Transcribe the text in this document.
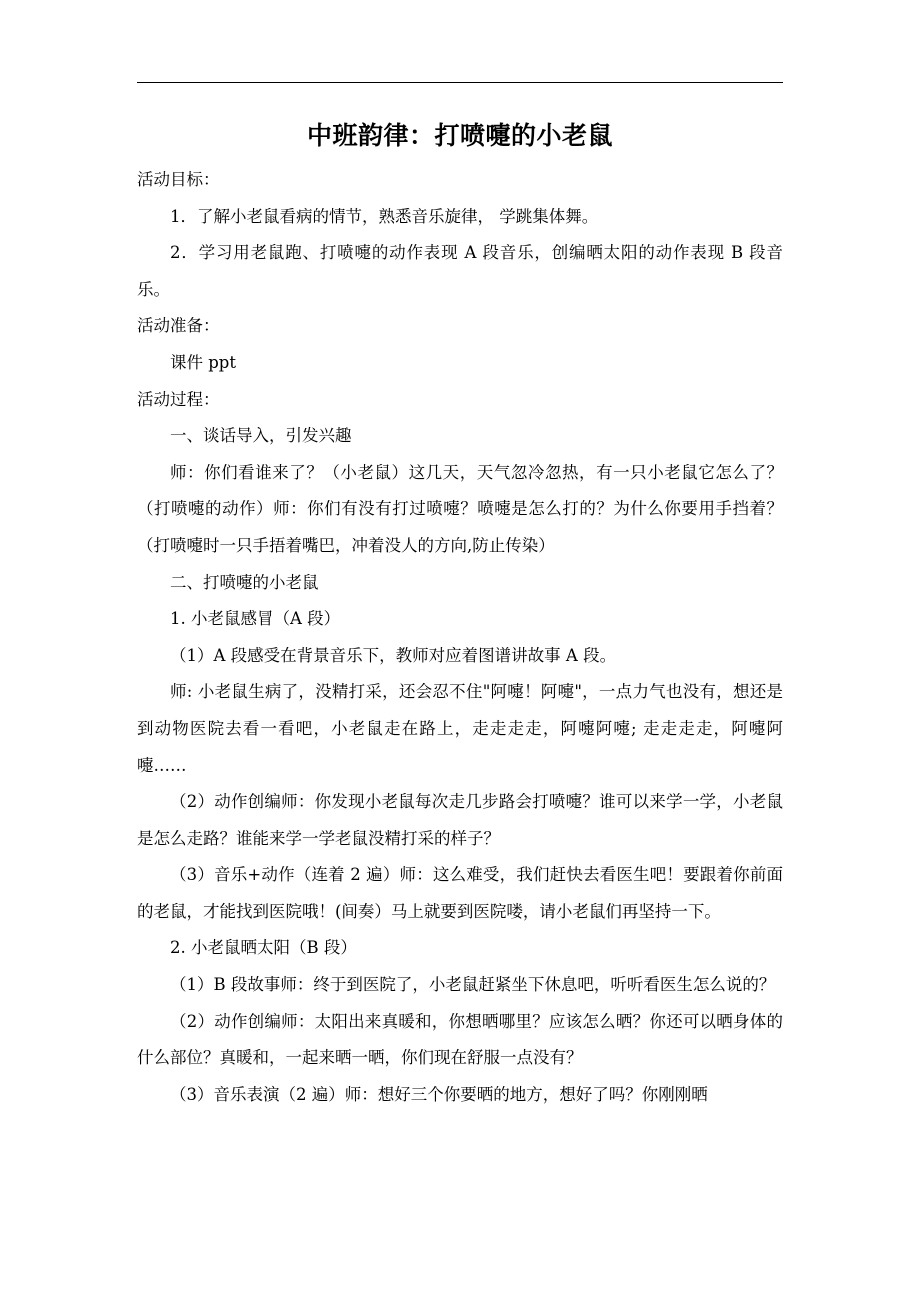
中班韵律：打喷嚏的小老鼠

活动目标：

1．了解小老鼠看病的情节，熟悉音乐旋律， 学跳集体舞。

2．学习用老鼠跑、打喷嚏的动作表现 A 段音乐，创编晒太阳的动作表现 B 段音乐。

活动准备：

课件 ppt

活动过程：

一、谈话导入，引发兴趣

师：你们看谁来了？（小老鼠）这几天，天气忽冷忽热，有一只小老鼠它怎么了？（打喷嚏的动作）师：你们有没有打过喷嚏？喷嚏是怎么打的？为什么你要用手挡着？（打喷嚏时一只手捂着嘴巴，冲着没人的方向,防止传染）

二、打喷嚏的小老鼠

1. 小老鼠感冒（A 段）

（1）A 段感受在背景音乐下，教师对应着图谱讲故事 A 段。

师: 小老鼠生病了，没精打采，还会忍不住"阿嚏！阿嚏"，一点力气也没有，想还是到动物医院去看一看吧，小老鼠走在路上，走走走走，阿嚏阿嚏; 走走走走，阿嚏阿嚏……

（2）动作创编师：你发现小老鼠每次走几步路会打喷嚏？谁可以来学一学，小老鼠是怎么走路？谁能来学一学老鼠没精打采的样子？

（3）音乐+动作（连着 2 遍）师：这么难受，我们赶快去看医生吧！要跟着你前面的老鼠，才能找到医院哦！(间奏）马上就要到医院喽，请小老鼠们再坚持一下。

2. 小老鼠晒太阳（B 段）

（1）B 段故事师：终于到医院了，小老鼠赶紧坐下休息吧，听听看医生怎么说的？

（2）动作创编师：太阳出来真暖和，你想晒哪里？应该怎么晒？你还可以晒身体的什么部位？真暖和，一起来晒一晒，你们现在舒服一点没有？

（3）音乐表演（2 遍）师：想好三个你要晒的地方，想好了吗？你刚刚晒
